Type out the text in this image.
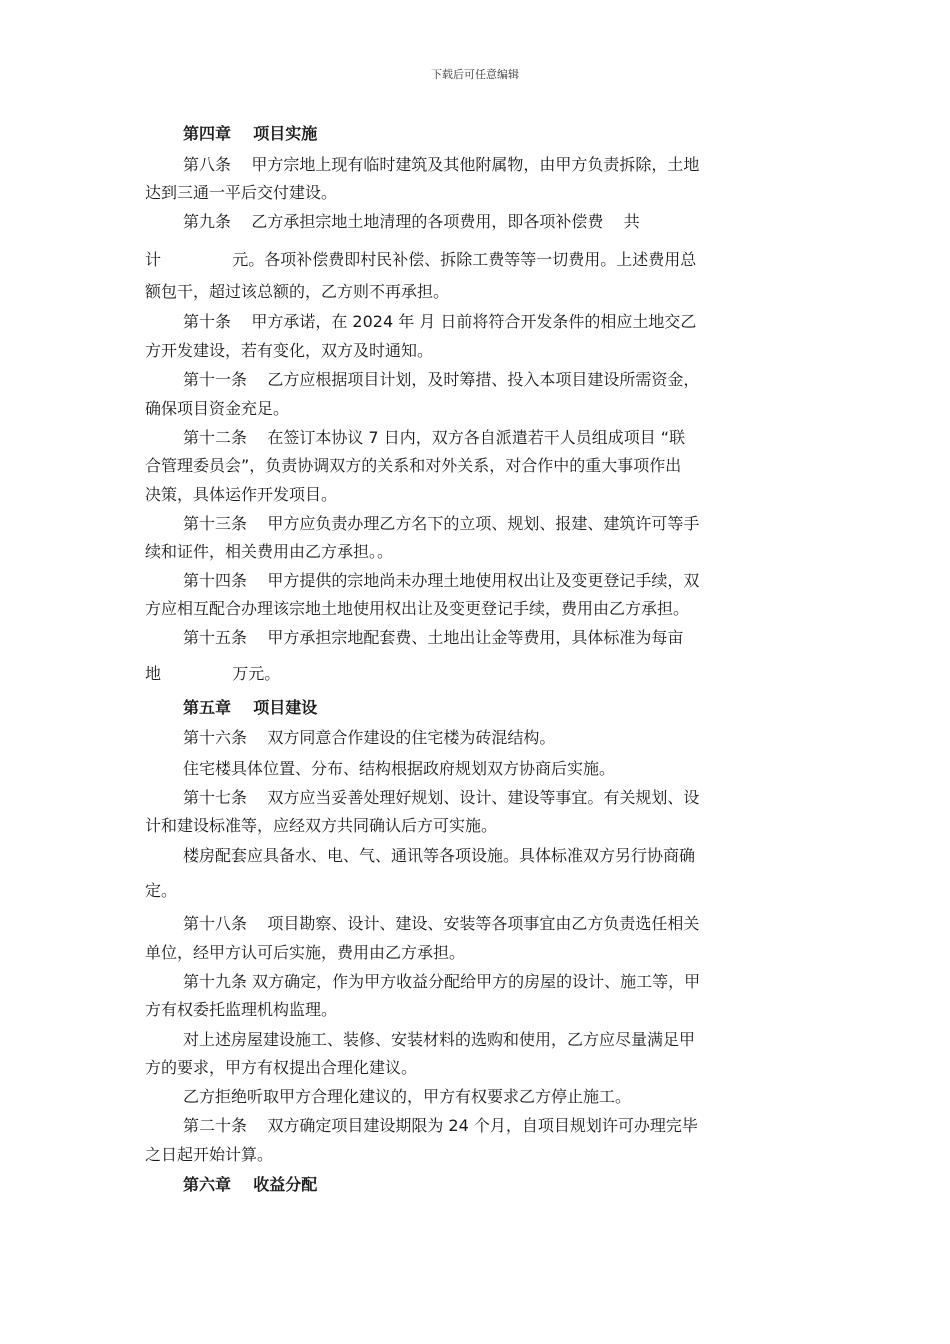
下载后可任意编辑
第四章    项目实施
第八条    甲方宗地上现有临时建筑及其他附属物，由甲方负责拆除，土地
达到三通一平后交付建设。
第九条    乙方承担宗地土地清理的各项费用，即各项补偿费    共
计              元。各项补偿费即村民补偿、拆除工费等等一切费用。上述费用总
额包干，超过该总额的，乙方则不再承担。
第十条    甲方承诺，在 2024 年 月 日前将符合开发条件的相应土地交乙
方开发建设，若有变化，双方及时通知。
第十一条    乙方应根据项目计划，及时筹措、投入本项目建设所需资金，
确保项目资金充足。
第十二条    在签订本协议 7 日内，双方各自派遣若干人员组成项目 “联
合管理委员会”，负责协调双方的关系和对外关系，对合作中的重大事项作出
决策，具体运作开发项目。
第十三条    甲方应负责办理乙方名下的立项、规划、报建、建筑许可等手
续和证件，相关费用由乙方承担。。
第十四条    甲方提供的宗地尚未办理土地使用权出让及变更登记手续，双
方应相互配合办理该宗地土地使用权出让及变更登记手续，费用由乙方承担。
第十五条    甲方承担宗地配套费、土地出让金等费用，具体标准为每亩
地              万元。
第五章    项目建设
第十六条    双方同意合作建设的住宅楼为砖混结构。
住宅楼具体位置、分布、结构根据政府规划双方协商后实施。
第十七条    双方应当妥善处理好规划、设计、建设等事宜。有关规划、设
计和建设标准等，应经双方共同确认后方可实施。
楼房配套应具备水、电、气、通讯等各项设施。具体标准双方另行协商确
定。
第十八条    项目勘察、设计、建设、安装等各项事宜由乙方负责选任相关
单位，经甲方认可后实施，费用由乙方承担。
第十九条 双方确定，作为甲方收益分配给甲方的房屋的设计、施工等，甲
方有权委托监理机构监理。
对上述房屋建设施工、装修、安装材料的选购和使用，乙方应尽量满足甲
方的要求，甲方有权提出合理化建议。
乙方拒绝听取甲方合理化建议的，甲方有权要求乙方停止施工。
第二十条    双方确定项目建设期限为 24 个月，自项目规划许可办理完毕
之日起开始计算。
第六章    收益分配
